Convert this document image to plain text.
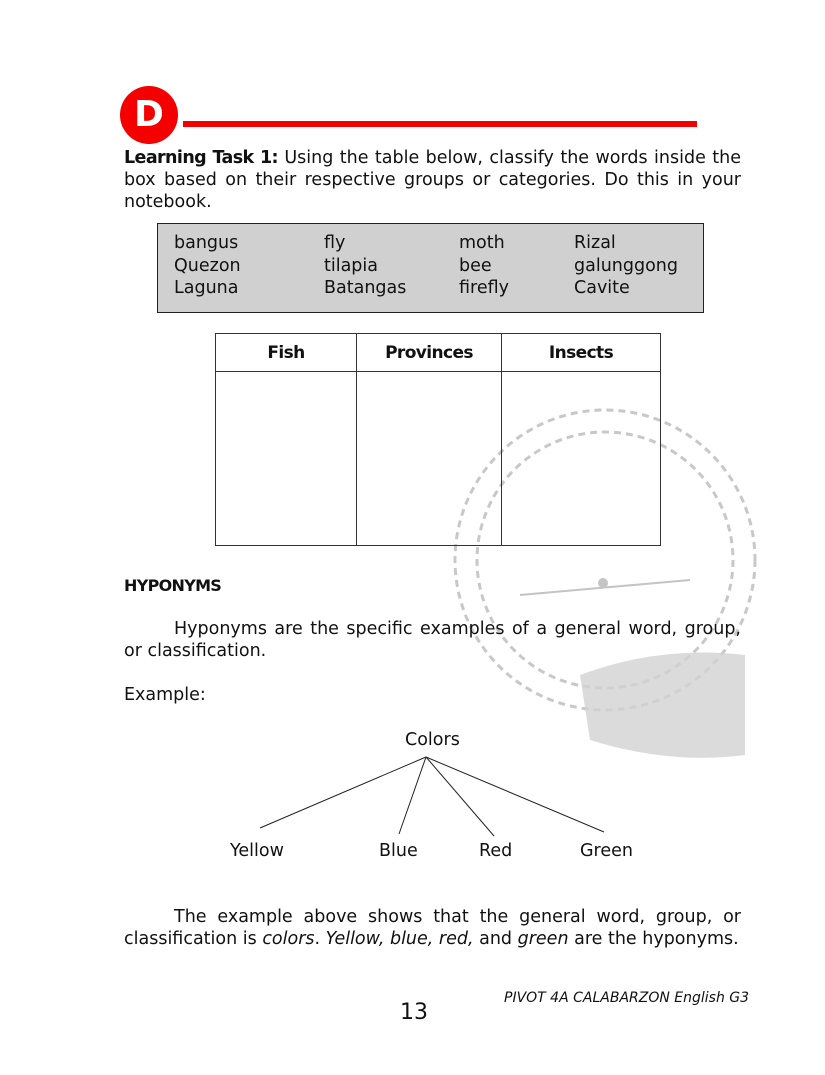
D
Learning Task 1: Using the table below, classify the words inside the box based on their respective groups or categories. Do this in your notebook.
bangus	fly	moth	Rizal
Quezon	tilapia	bee	galunggong
Laguna	Batangas	firefly	Cavite
Fish	Provinces	Insects

HYPONYMS
Hyponyms are the specific examples of a general word, group, or classification.
Example:
Colors
Yellow	Blue	Red	Green
The example above shows that the general word, group, or classification is colors. Yellow, blue, red, and green are the hyponyms.
13
PIVOT 4A CALABARZON English G3
